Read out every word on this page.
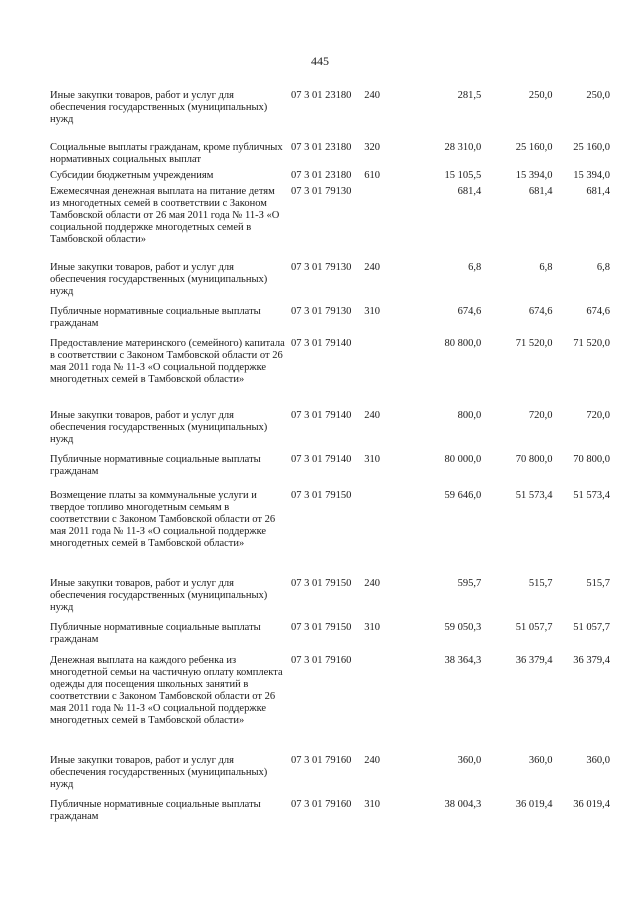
445
Иные закупки товаров, работ и услуг для обеспечения государственных (муниципальных) нужд
07 3 01 23180	240	281,5	250,0	250,0
Социальные выплаты гражданам, кроме публичных нормативных социальных выплат
07 3 01 23180	320	28 310,0	25 160,0	25 160,0
Субсидии бюджетным учреждениям	07 3 01 23180	610	15 105,5	15 394,0	15 394,0
Ежемесячная денежная выплата на питание детям из многодетных семей в соответствии с Законом Тамбовской области от 26 мая 2011 года № 11-З «О социальной поддержке многодетных семей в Тамбовской области»
07 3 01 79130	681,4	681,4	681,4
Иные закупки товаров, работ и услуг для обеспечения государственных (муниципальных) нужд
07 3 01 79130	240	6,8	6,8	6,8
Публичные нормативные социальные выплаты гражданам
07 3 01 79130	310	674,6	674,6	674,6
Предоставление материнского (семейного) капитала в соответствии с Законом Тамбовской области от 26 мая 2011 года № 11-З «О социальной поддержке многодетных семей в Тамбовской области»
07 3 01 79140	80 800,0	71 520,0	71 520,0
Иные закупки товаров, работ и услуг для обеспечения государственных (муниципальных) нужд
07 3 01 79140	240	800,0	720,0	720,0
Публичные нормативные социальные выплаты гражданам
07 3 01 79140	310	80 000,0	70 800,0	70 800,0
Возмещение платы за коммунальные услуги и твердое топливо многодетным семьям в соответствии с Законом Тамбовской области от 26 мая 2011 года № 11-З «О социальной поддержке многодетных семей в Тамбовской области»
07 3 01 79150	59 646,0	51 573,4	51 573,4
Иные закупки товаров, работ и услуг для обеспечения государственных (муниципальных) нужд
07 3 01 79150	240	595,7	515,7	515,7
Публичные нормативные социальные выплаты гражданам
07 3 01 79150	310	59 050,3	51 057,7	51 057,7
Денежная выплата на каждого ребенка из многодетной семьи на частичную оплату комплекта одежды для посещения школьных занятий в соответствии с Законом Тамбовской области от 26 мая 2011 года № 11-З «О социальной поддержке многодетных семей в Тамбовской области»
07 3 01 79160	38 364,3	36 379,4	36 379,4
Иные закупки товаров, работ и услуг для обеспечения государственных (муниципальных) нужд
07 3 01 79160	240	360,0	360,0	360,0
Публичные нормативные социальные выплаты гражданам
07 3 01 79160	310	38 004,3	36 019,4	36 019,4
